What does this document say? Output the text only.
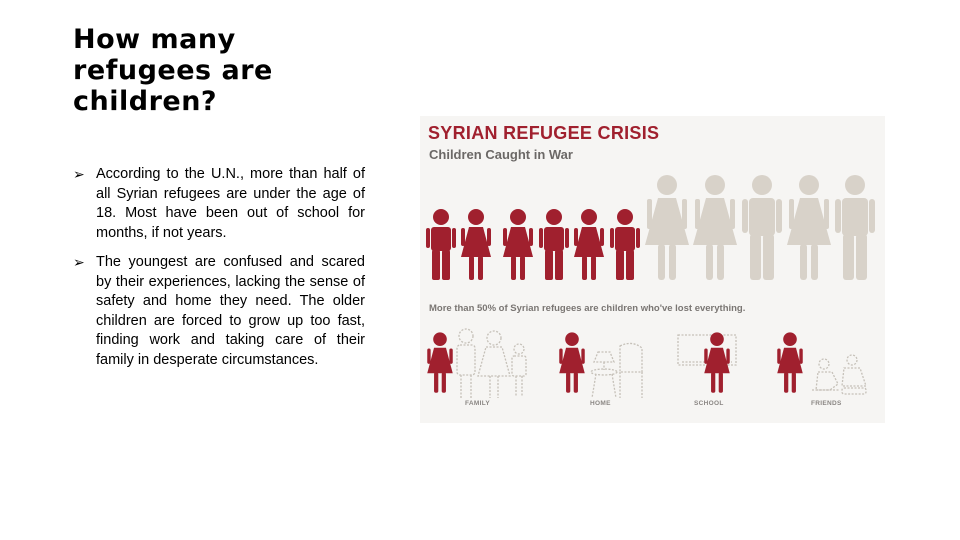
How many refugees are children?
➢ According to the U.N., more than half of all Syrian refugees are under the age of 18. Most have been out of school for months, if not years.
➢ The youngest are confused and scared by their experiences, lacking the sense of safety and home they need. The older children are forced to grow up too fast, finding work and taking care of their family in desperate circumstances.
SYRIAN REFUGEE CRISIS
Children Caught in War
More than 50% of Syrian refugees are children who've lost everything.
FAMILY	HOME	SCHOOL	FRIENDS
